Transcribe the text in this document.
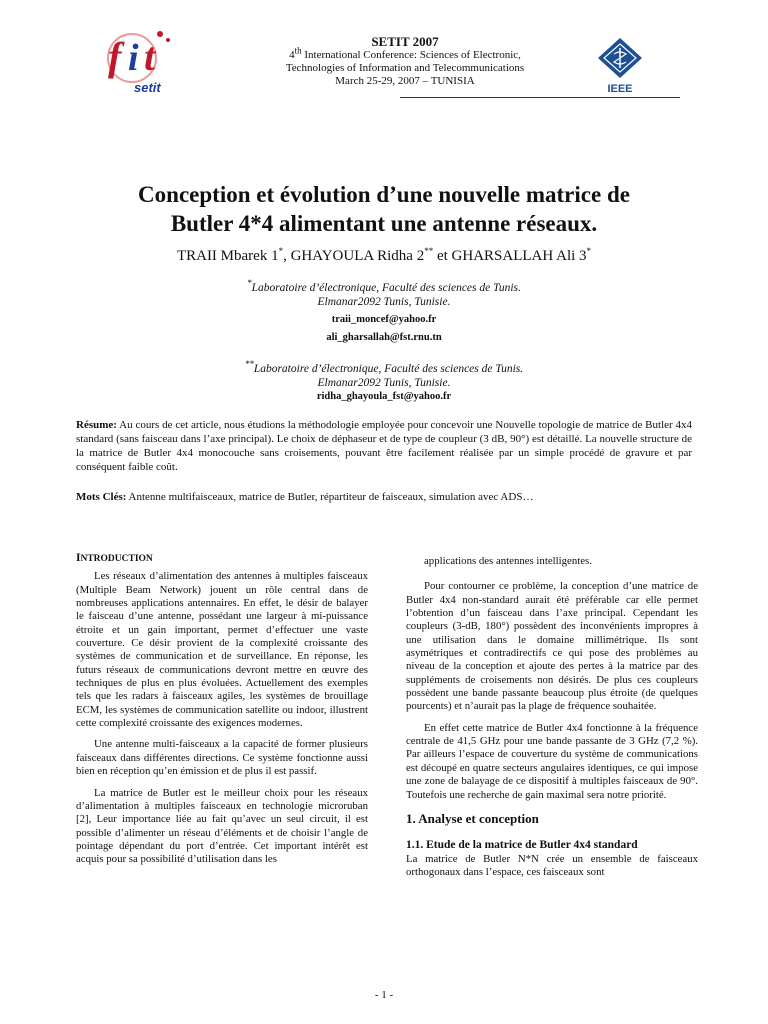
f i t
setit
SETIT 2007
4th International Conference: Sciences of Electronic,
Technologies of Information and Telecommunications
March 25-29, 2007 – TUNISIA
IEEE
Conception et évolution d’une nouvelle matrice de
Butler 4*4 alimentant une antenne réseaux.
TRAII Mbarek 1*, GHAYOULA Ridha 2** et GHARSALLAH Ali 3*
*Laboratoire d’électronique, Faculté des sciences de Tunis.
Elmanar2092 Tunis, Tunisie.
traii_moncef@yahoo.fr
ali_gharsallah@fst.rnu.tn
**Laboratoire d’électronique, Faculté des sciences de Tunis.
Elmanar2092 Tunis, Tunisie.
ridha_ghayoula_fst@yahoo.fr
Résume: Au cours de cet article, nous étudions la méthodologie employée pour concevoir une Nouvelle topologie de matrice de Butler 4x4 standard (sans faisceau dans l’axe principal). Le choix de déphaseur et de type de coupleur (3 dB, 90°) est détaillé. La nouvelle structure de la matrice de Butler 4x4 monocouche sans croisements, pouvant être facilement réalisée par un simple procédé de gravure et par conséquent faible coût.
Mots Clés: Antenne multifaisceaux, matrice de Butler, répartiteur de faisceaux, simulation avec ADS…
INTRODUCTION

Les réseaux d’alimentation des antennes à multiples faisceaux (Multiple Beam Network) jouent un rôle central dans de nombreuses applications antennaires. En effet, le désir de balayer le faisceau d’une antenne, possédant une largeur à mi-puissance étroite et un gain important, permet d’effectuer une vaste couverture. Ce désir provient de la complexité croissante des systèmes de communication et de surveillance. En réponse, les futurs réseaux de communications devront mettre en œuvre des techniques de plus en plus évoluées. Actuellement des exemples tels que les radars à faisceaux agiles, les systèmes de brouillage ECM, les systèmes de communication satellite ou indoor, illustrent cette complexité croissante des exigences modernes.

Une antenne multi-faisceaux a la capacité de former plusieurs faisceaux dans différentes directions. Ce système fonctionne aussi bien en réception qu’en émission et de plus il est passif.

La matrice de Butler est le meilleur choix pour les réseaux d’alimentation à multiples faisceaux en technologie microruban [2], Leur importance liée au fait qu’avec un seul circuit, il est possible d’alimenter un réseau d’éléments et de choisir l’angle de pointage dépendant du port d’entrée. Cet important intérêt est acquis pour sa possibilité d’utilisation dans les

applications des antennes intelligentes.

Pour contourner ce problème, la conception d’une matrice de Butler 4x4 non-standard aurait été préférable car elle permet l’obtention d’un faisceau dans l’axe principal. Cependant les coupleurs (3-dB, 180°) possèdent des inconvénients impropres à une utilisation dans le domaine millimétrique. Ils sont asymétriques et contradirectifs ce qui pose des problèmes au niveau de la conception et ajoute des pertes à la matrice par des suppléments de croisements non désirés. De plus ces coupleurs possèdent une bande passante beaucoup plus étroite (de quelques pourcents) et n’aurait pas la plage de fréquence souhaitée.

En effet cette matrice de Butler 4x4 fonctionne à la fréquence centrale de 41,5 GHz pour une bande passante de 3 GHz (7,2 %). Par ailleurs l’espace de couverture du système de communications est découpé en quatre secteurs angulaires identiques, ce qui impose une zone de balayage de ce dispositif à multiples faisceaux de 90°. Toutefois une recherche de gain maximal sera notre priorité.

1. Analyse et conception
1.1. Etude de la matrice de Butler 4x4 standard

La matrice de Butler N*N crée un ensemble de faisceaux orthogonaux dans l’espace, ces faisceaux sont

- 1 -
